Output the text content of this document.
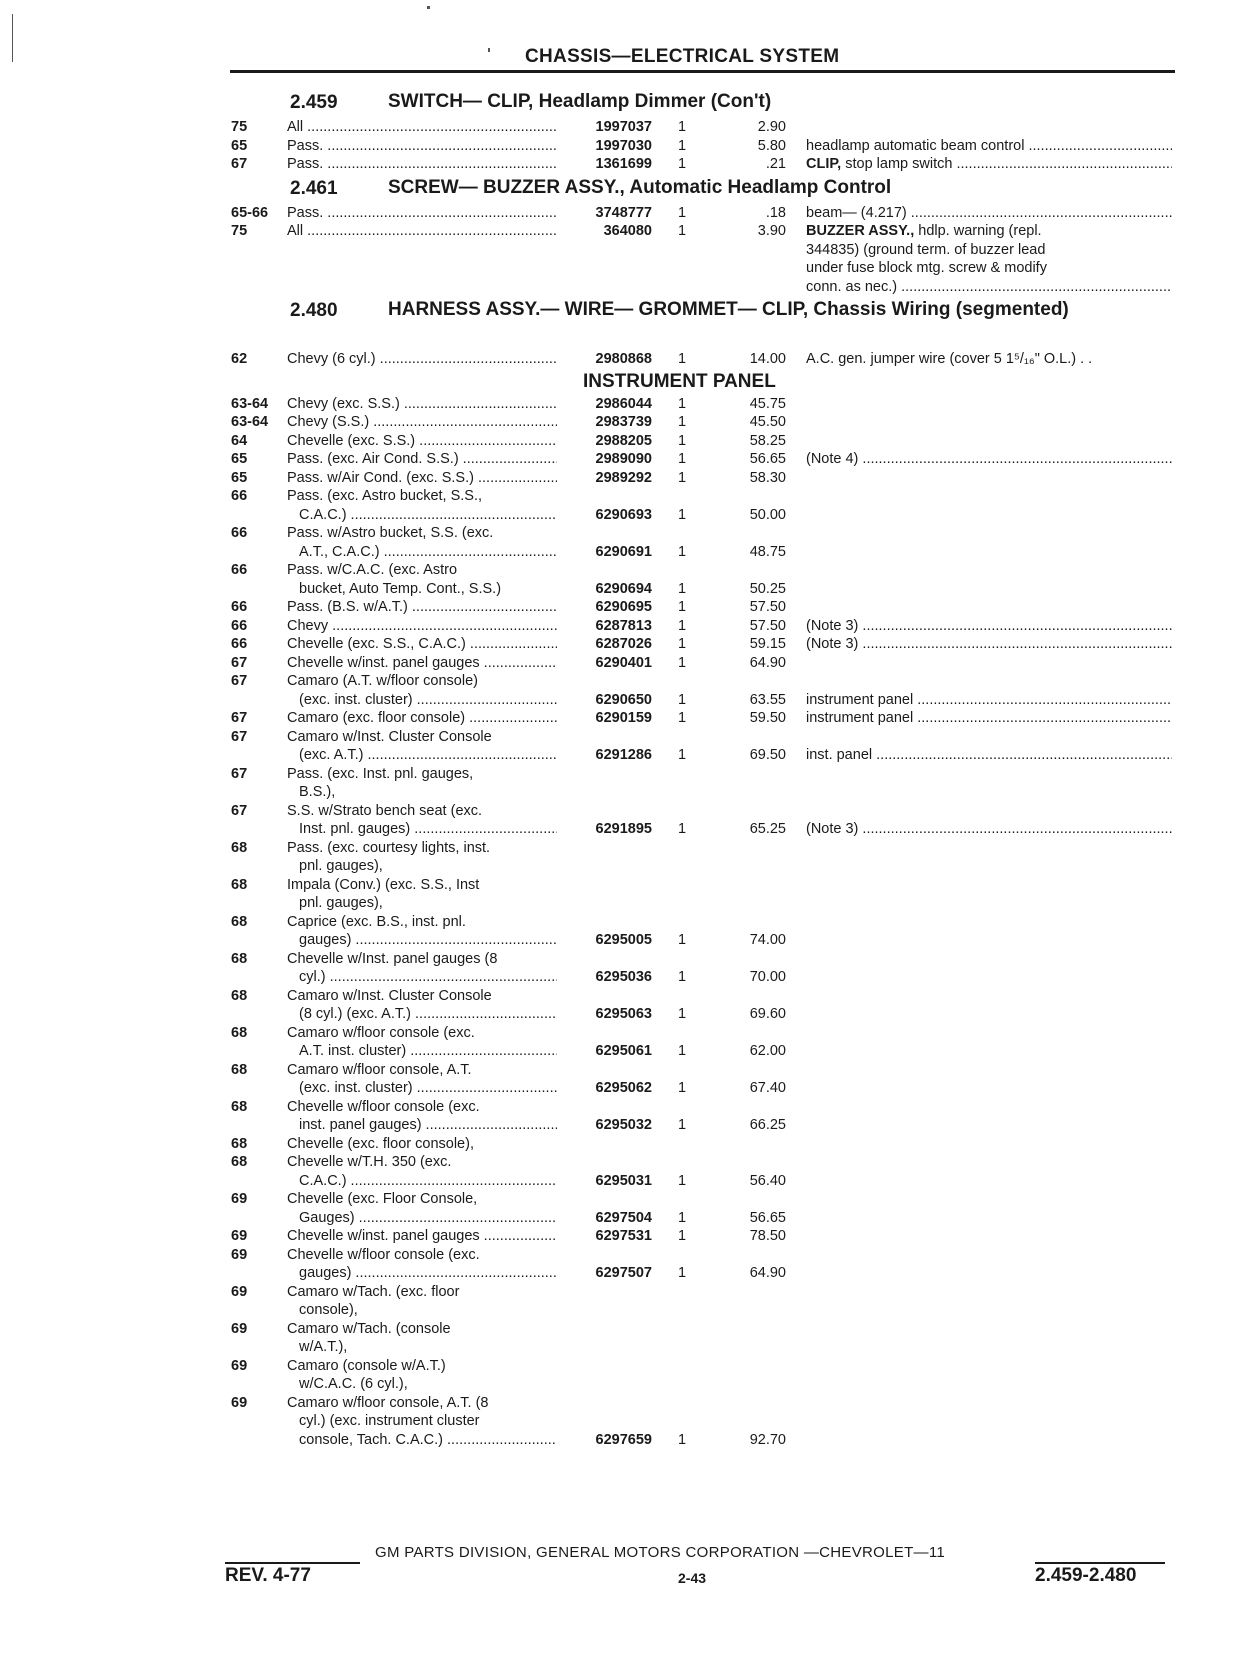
CHASSIS—ELECTRICAL SYSTEM
2.459	SWITCH— CLIP, Headlamp Dimmer (Con't)
75	All .....	1997037 1	2.90
65	Pass. .....	1997030 1	5.80 headlamp automatic beam control .....
67	Pass. .....	1361699 1	.21 CLIP, stop lamp switch .....
2.461	SCREW— BUZZER ASSY., Automatic Headlamp Control
65-66 Pass. .....	3748777 1	.18 beam— (4.217) .....
75	All .....	364080 1	3.90 BUZZER ASSY., hdlp. warning (repl.
344835) (ground term. of buzzer lead
under fuse block mtg. screw & modify
conn. as nec.) .....
2.480	HARNESS ASSY.— WIRE— GROMMET— CLIP, Chassis Wiring (segmented)
62	Chevy (6 cyl.) .....	2980868 1	14.00 A.C. gen. jumper wire (cover 5 1⁵/₁₆" O.L.) . .
INSTRUMENT PANEL
63-64 Chevy (exc. S.S.) .....	2986044 1	45.75
63-64 Chevy (S.S.) .....	2983739 1	45.50
64	Chevelle (exc. S.S.) .....	2988205 1	58.25
65	Pass. (exc. Air Cond. S.S.) .....	2989090 1	56.65 (Note 4) .....
65	Pass. w/Air Cond. (exc. S.S.) .....	2989292 1	58.30
66	Pass. (exc. Astro bucket, S.S.,
C.A.C.) .....	6290693 1	50.00
66	Pass. w/Astro bucket, S.S. (exc.
A.T., C.A.C.) .....	6290691 1	48.75
66	Pass. w/C.A.C. (exc. Astro
bucket, Auto Temp. Cont., S.S.)	6290694 1	50.25
66	Pass. (B.S. w/A.T.) .....	6290695 1	57.50
66	Chevy .....	6287813 1	57.50 (Note 3) .....
66	Chevelle (exc. S.S., C.A.C.) .....	6287026 1	59.15 (Note 3) .....
67	Chevelle w/inst. panel gauges .....	6290401 1	64.90
67	Camaro (A.T. w/floor console)
(exc. inst. cluster) .....	6290650 1	63.55 instrument panel .....
67	Camaro (exc. floor console) .....	6290159 1	59.50 instrument panel .....
67	Camaro w/Inst. Cluster Console
(exc. A.T.) .....	6291286 1	69.50 inst. panel .....
67	Pass. (exc. Inst. pnl. gauges,
B.S.),
67	S.S. w/Strato bench seat (exc.
Inst. pnl. gauges) .....	6291895 1	65.25 (Note 3) .....
68	Pass. (exc. courtesy lights, inst.
pnl. gauges),
68	Impala (Conv.) (exc. S.S., Inst
pnl. gauges),
68	Caprice (exc. B.S., inst. pnl.
gauges) .....	6295005 1	74.00
68	Chevelle w/Inst. panel gauges (8
cyl.) .....	6295036 1	70.00
68	Camaro w/Inst. Cluster Console
(8 cyl.) (exc. A.T.) .....	6295063 1	69.60
68	Camaro w/floor console (exc.
A.T. inst. cluster) .....	6295061 1	62.00
68	Camaro w/floor console, A.T.
(exc. inst. cluster) .....	6295062 1	67.40
68	Chevelle w/floor console (exc.
inst. panel gauges) .....	6295032 1	66.25
68	Chevelle (exc. floor console),
68	Chevelle w/T.H. 350 (exc.
C.A.C.) .....	6295031 1	56.40
69	Chevelle (exc. Floor Console,
Gauges) .....	6297504 1	56.65
69	Chevelle w/inst. panel gauges .....	6297531 1	78.50
69	Chevelle w/floor console (exc.
gauges) .....	6297507 1	64.90
69	Camaro w/Tach. (exc. floor
console),
69	Camaro w/Tach. (console
w/A.T.),
69	Camaro (console w/A.T.)
w/C.A.C. (6 cyl.),
69	Camaro w/floor console, A.T. (8
cyl.) (exc. instrument cluster
console, Tach. C.A.C.) .....	6297659 1	92.70
GM PARTS DIVISION, GENERAL MOTORS CORPORATION —CHEVROLET—11
REV. 4-77	2-43	2.459-2.480
